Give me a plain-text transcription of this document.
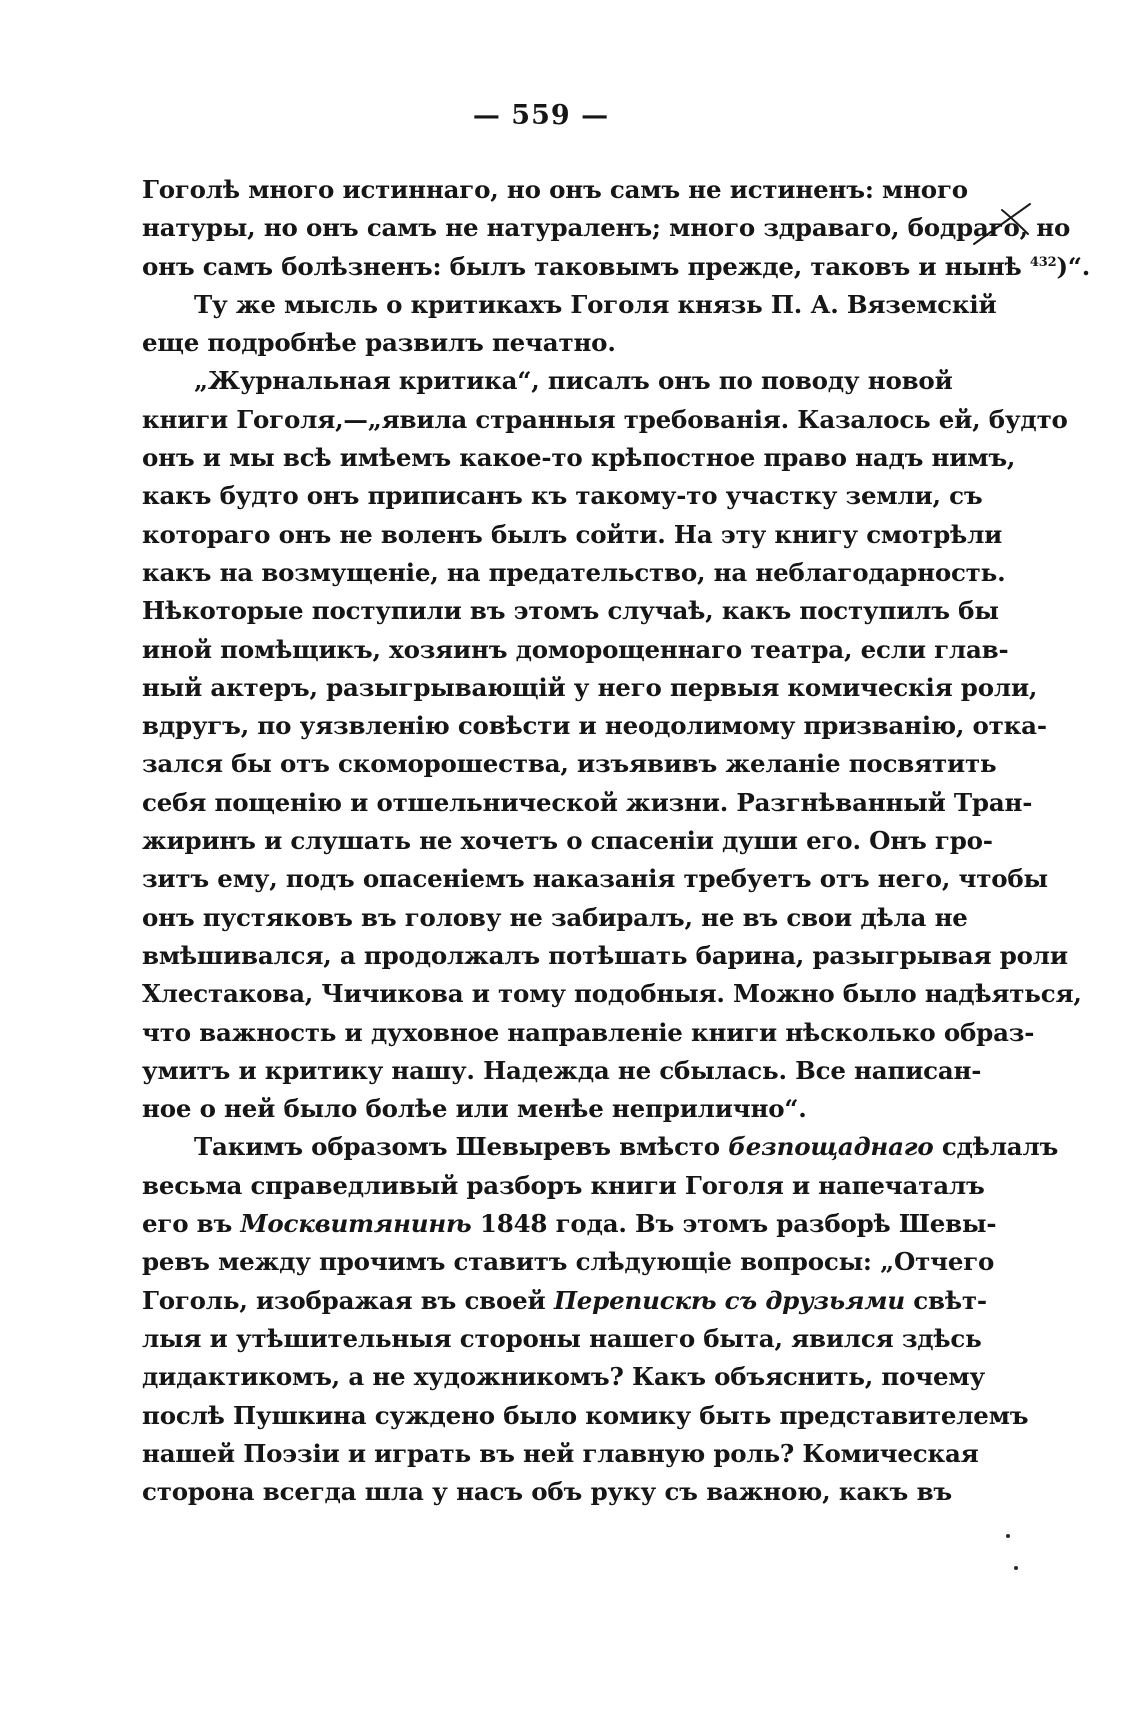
— 559 —
Гоголѣ много истиннаго, но онъ самъ не истиненъ: много
натуры, но онъ самъ не натураленъ; много здраваго, бодраго, но
онъ самъ болѣзненъ: былъ таковымъ прежде, таковъ и нынѣ $^{432}$)“.
Ту же мысль о критикахъ Гоголя князь П. А. Вяземскій
еще подробнѣе развилъ печатно.
„Журнальная критика“, писалъ онъ по поводу новой
книги Гоголя,—„явила странныя требованія. Казалось ей, будто
онъ и мы всѣ имѣемъ какое-то крѣпостное право надъ нимъ,
какъ будто онъ приписанъ къ такому-то участку земли, съ
котораго онъ не воленъ былъ сойти. На эту книгу смотрѣли
какъ на возмущеніе, на предательство, на неблагодарность.
Нѣкоторые поступили въ этомъ случаѣ, какъ поступилъ бы
иной помѣщикъ, хозяинъ доморощеннаго театра, если глав-
ный актеръ, разыгрывающій у него первыя комическія роли,
вдругъ, по уязвленію совѣсти и неодолимому призванію, отка-
зался бы отъ скоморошества, изъявивъ желаніе посвятить
себя пощенію и отшельнической жизни. Разгнѣванный Тран-
жиринъ и слушать не хочетъ о спасеніи души его. Онъ гро-
зитъ ему, подъ опасеніемъ наказанія требуетъ отъ него, чтобы
онъ пустяковъ въ голову не забиралъ, не въ свои дѣла не
вмѣшивался, а продолжалъ потѣшать барина, разыгрывая роли
Хлестакова, Чичикова и тому подобныя. Можно было надѣяться,
что важность и духовное направленіе книги нѣсколько образ-
умитъ и критику нашу. Надежда не сбылась. Все написан-
ное о ней было болѣе или менѣе неприлично“.
Такимъ образомъ Шевыревъ вмѣсто безпощаднаго сдѣлалъ
весьма справедливый разборъ книги Гоголя и напечаталъ
его въ Москвитянинѣ 1848 года. Въ этомъ разборѣ Шевы-
ревъ между прочимъ ставитъ слѣдующіе вопросы: „Отчего
Гоголь, изображая въ своей Перепискѣ съ друзьями свѣт-
лыя и утѣшительныя стороны нашего быта, явился здѣсь
дидактикомъ, а не художникомъ? Какъ объяснить, почему
послѣ Пушкина суждено было комику быть представителемъ
нашей Поэзіи и играть въ ней главную роль? Комическая
сторона всегда шла у насъ объ руку съ важною, какъ въ
